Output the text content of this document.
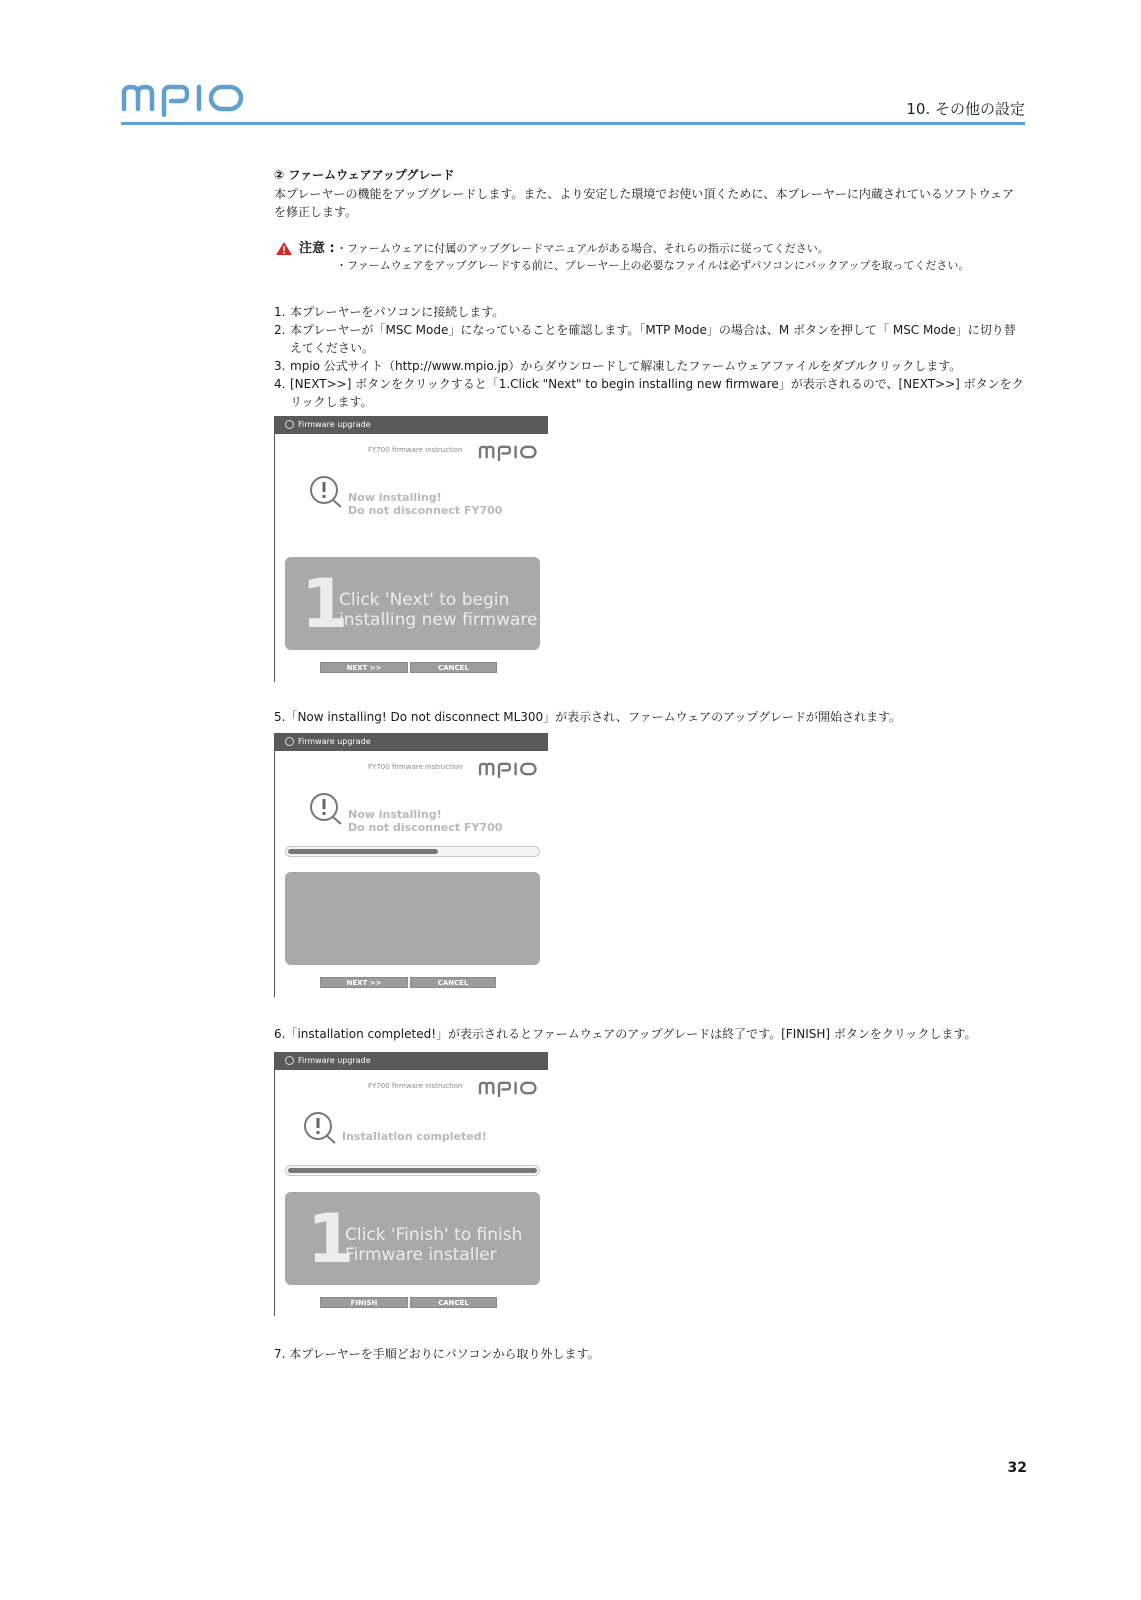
10. その他の設定
② ファームウェアアップグレード
本プレーヤーの機能をアップグレードします。また、より安定した環境でお使い頂くために、本プレーヤーに内蔵されているソフトウェアを修正します。
注意 : ・ファームウェアに付属のアップグレードマニュアルがある場合、それらの指示に従ってください。
・ファームウェアをアップグレードする前に、プレーヤー上の必要なファイルは必ずパソコンにバックアップを取ってください。

1. 本プレーヤーをパソコンに接続します。

2. 本プレーヤーが「MSC Mode」になっていることを確認します。「MTP Mode」の場合は、M ボタンを押して「 MSC Mode」に切り替えてください。

3. mpio 公式サイト（http://www.mpio.jp）からダウンロードして解凍したファームウェアファイルをダブルクリックします。

4. [NEXT>>] ボタンをクリックすると「1.Click "Next" to begin installing new firmware」が表示されるので、[NEXT>>] ボタンをクリックします。

Firmware upgrade
FY700 firmware instruction
Now installing!
Do not disconnect FY700
1
Click 'Next' to begin
installing new firmware
NEXT >>	CANCEL
5.「Now installing! Do not disconnect ML300」が表示され、ファームウェアのアップグレードが開始されます。
Firmware upgrade
FY700 firmware instruction
Now installing!
Do not disconnect FY700
NEXT >>	CANCEL
6.「installation completed!」が表示されるとファームウェアのアップグレードは終了です。[FINISH] ボタンをクリックします。
Firmware upgrade
FY700 firmware instruction
Installation completed!
1
Click 'Finish' to finish
Firmware installer
FINISH	CANCEL
7. 本プレーヤーを手順どおりにパソコンから取り外します。
32
